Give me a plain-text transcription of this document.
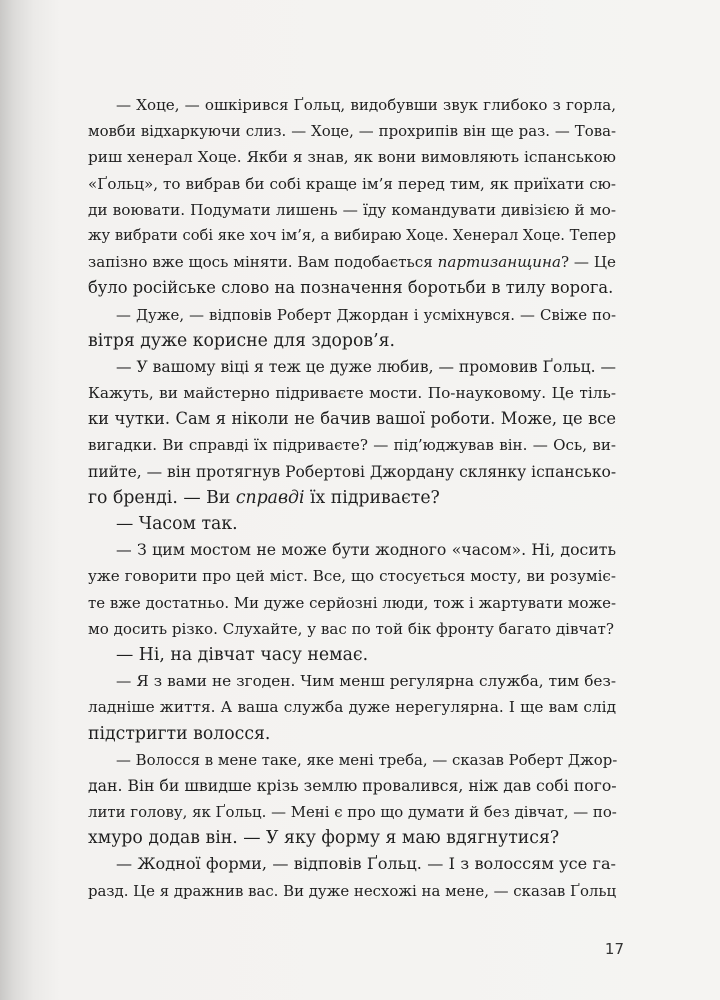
— Хоце, — ошкірився Ґольц, видобувши звук глибоко з горла,
мовби відхаркуючи слиз. — Хоце, — прохрипів він ще раз. — Това-
риш хенерал Хоце. Якби я знав, як вони вимовляють іспанською
«Ґольц», то вибрав би собі краще ім’я перед тим, як приїхати сю-
ди воювати. Подумати лишень — їду командувати дивізією й мо-
жу вибрати собі яке хоч ім’я, а вибираю Хоце. Хенерал Хоце. Тепер
запізно вже щось міняти. Вам подобається партизанщина? — Це
було російське слово на позначення боротьби в тилу ворога.
— Дуже, — відповів Роберт Джордан і усміхнувся. — Свіже по-
вітря дуже корисне для здоров’я.
— У вашому віці я теж це дуже любив, — промовив Ґольц. —
Кажуть, ви майстерно підриваєте мости. По-науковому. Це тіль-
ки чутки. Сам я ніколи не бачив вашої роботи. Може, це все
вигадки. Ви справді їх підриваєте? — під’юджував він. — Ось, ви-
пийте, — він протягнув Робертові Джордану склянку іспансько-
го бренді. — Ви справді їх підриваєте?
— Часом так.
— З цим мостом не може бути жодного «часом». Ні, досить
уже говорити про цей міст. Все, що стосується мосту, ви розуміє-
те вже достатньо. Ми дуже серйозні люди, тож і жартувати може-
мо досить різко. Слухайте, у вас по той бік фронту багато дівчат?
— Ні, на дівчат часу немає.
— Я з вами не згоден. Чим менш регулярна служба, тим без-
ладніше життя. А ваша служба дуже нерегулярна. І ще вам слід
підстригти волосся.
— Волосся в мене таке, яке мені треба, — сказав Роберт Джор-
дан. Він би швидше крізь землю провалився, ніж дав собі пого-
лити голову, як Ґольц. — Мені є про що думати й без дівчат, — по-
хмуро додав він. — У яку форму я маю вдягнутися?
— Жодної форми, — відповів Ґольц. — І з волоссям усе га-
разд. Це я дражнив вас. Ви дуже несхожі на мене, — сказав Ґольц
17
